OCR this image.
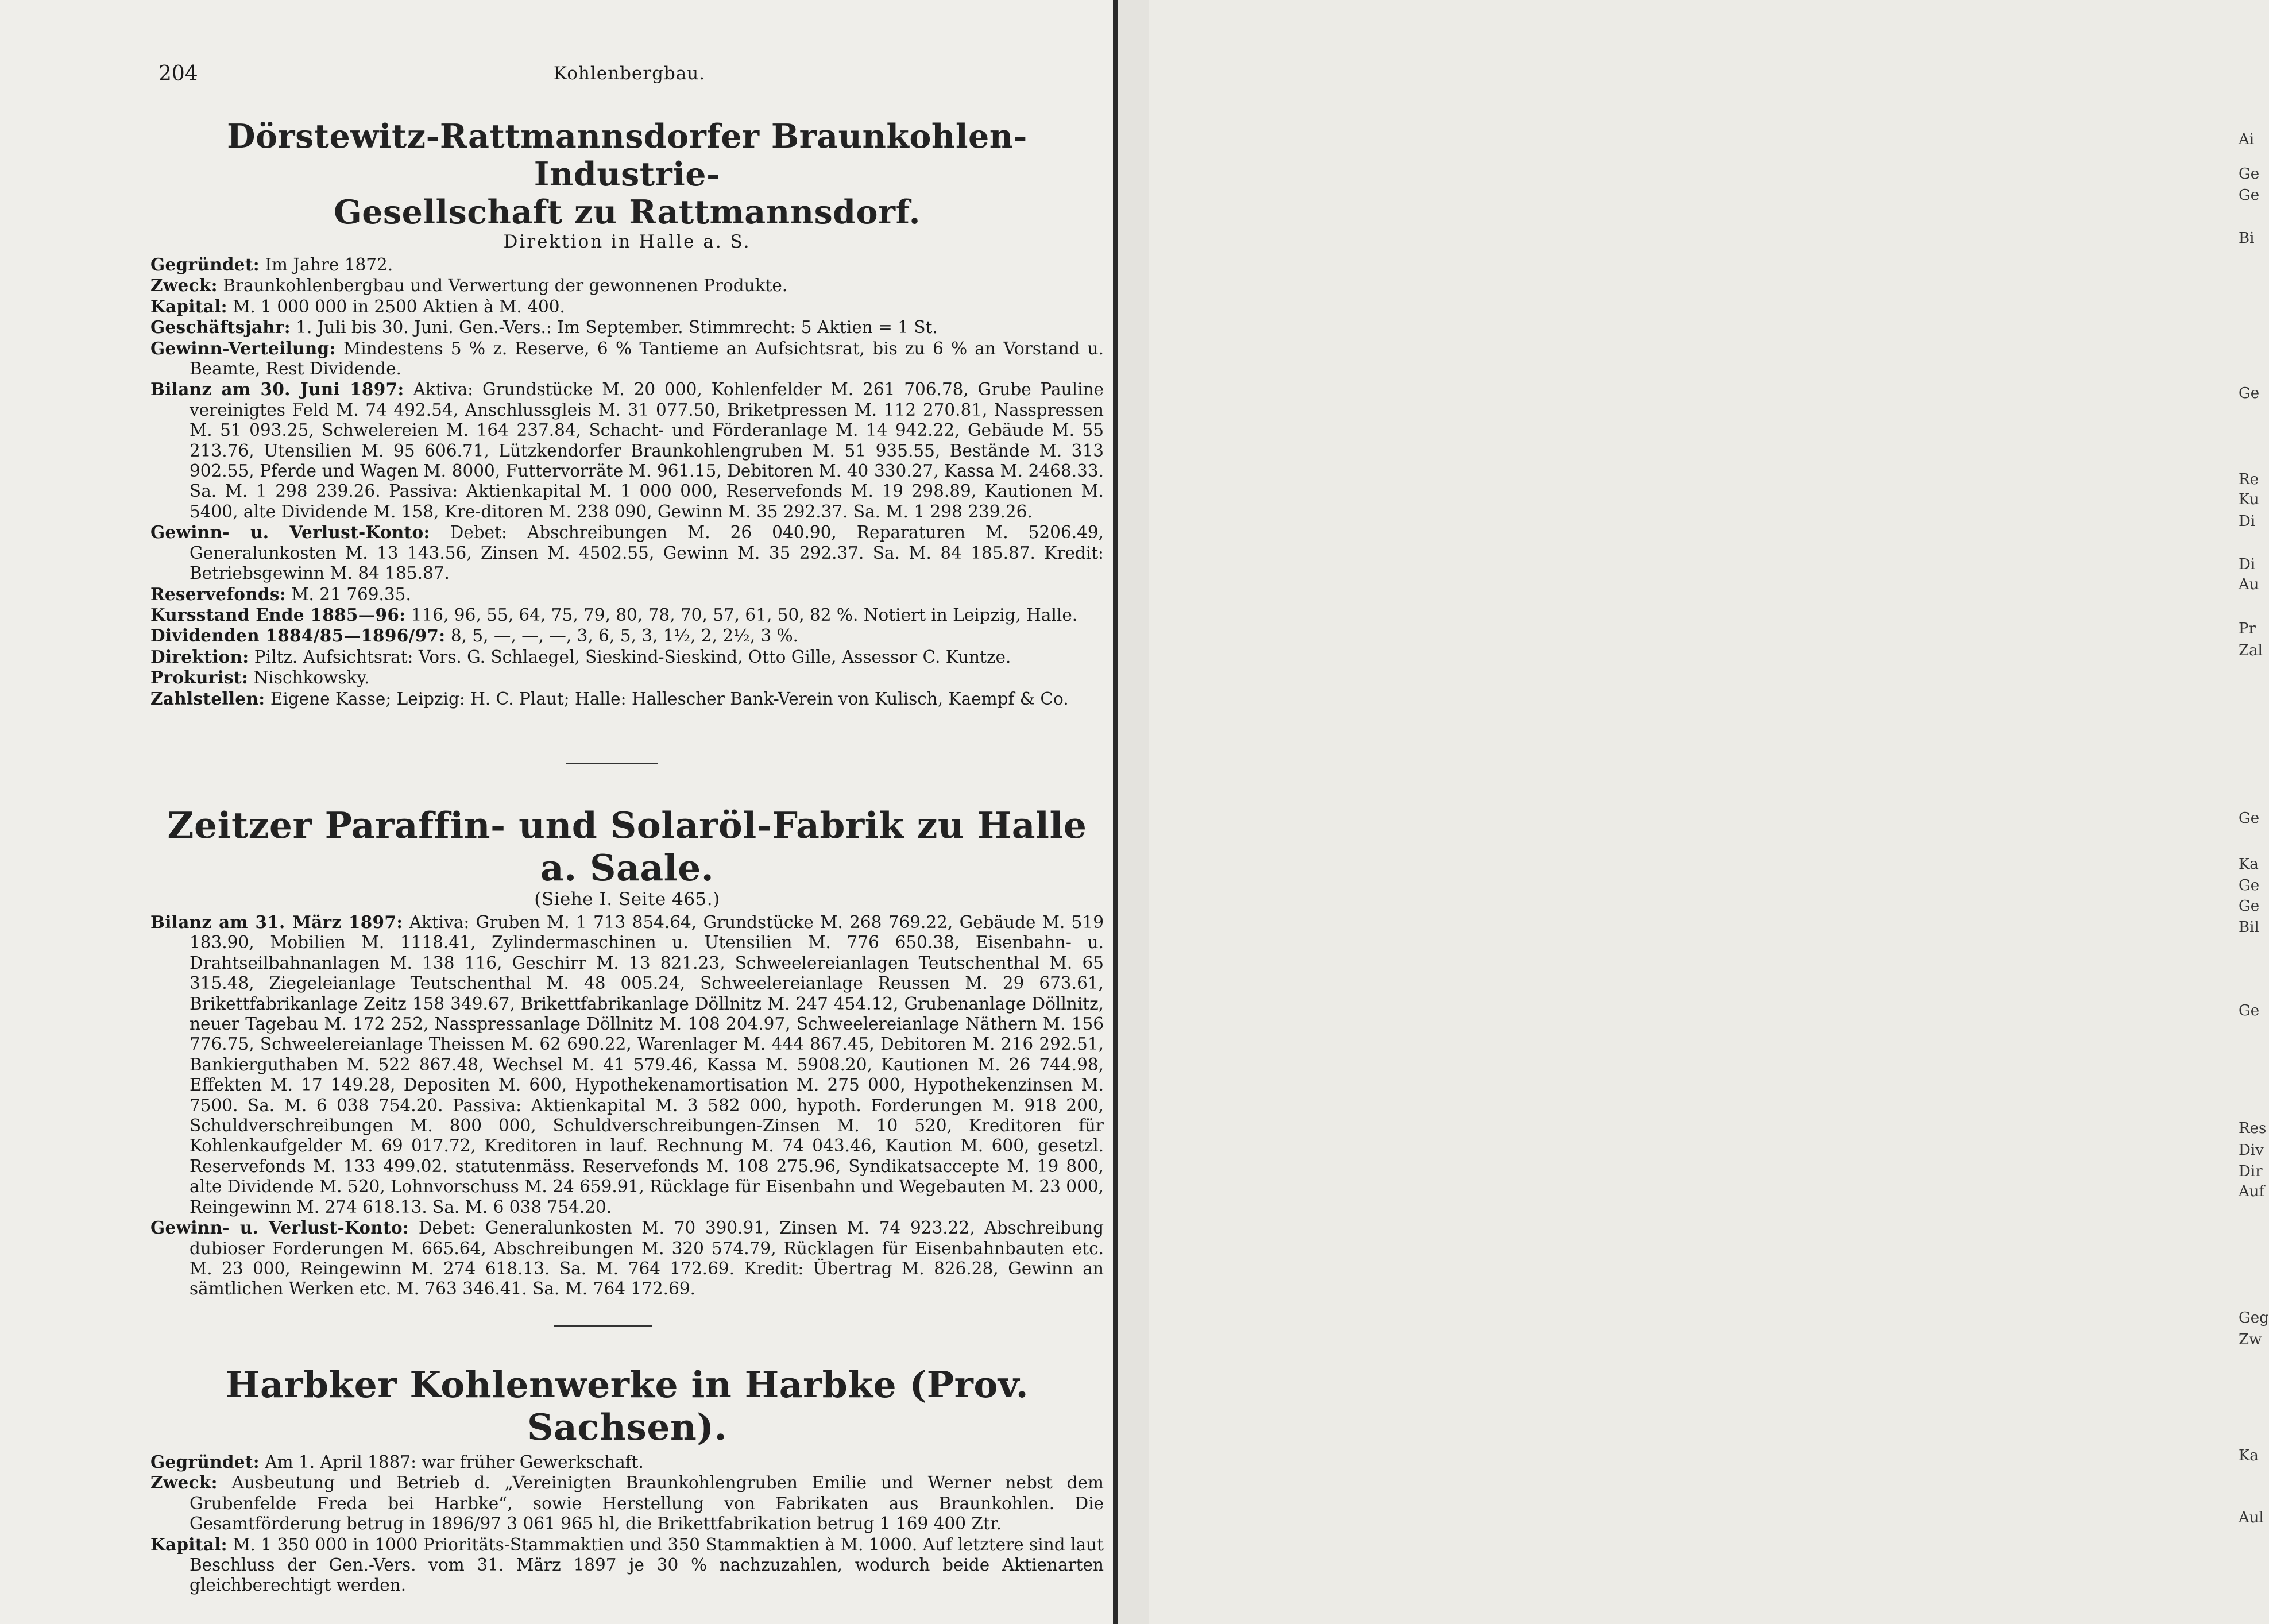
204	Kohlenbergbau.
Dörstewitz-Rattmannsdorfer Braunkohlen-Industrie-
Gesellschaft zu Rattmannsdorf.
Direktion in Halle a. S.
Gegründet: Im Jahre 1872.
Zweck: Braunkohlenbergbau und Verwertung der gewonnenen Produkte.
Kapital: M. 1 000 000 in 2500 Aktien à M. 400.
Geschäftsjahr: 1. Juli bis 30. Juni. Gen.-Vers.: Im September. Stimmrecht: 5 Aktien = 1 St.
Gewinn-Verteilung: Mindestens 5 % z. Reserve, 6 % Tantieme an Aufsichtsrat, bis zu 6 % an Vorstand u. Beamte, Rest Dividende.
Bilanz am 30. Juni 1897: Aktiva: Grundstücke M. 20 000, Kohlenfelder M. 261 706.78, Grube Pauline vereinigtes Feld M. 74 492.54, Anschlussgleis M. 31 077.50, Briketpressen M. 112 270.81, Nasspressen M. 51 093.25, Schwelereien M. 164 237.84, Schacht- und Förderanlage M. 14 942.22, Gebäude M. 55 213.76, Utensilien M. 95 606.71, Lützkendorfer Braunkohlengruben M. 51 935.55, Bestände M. 313 902.55, Pferde und Wagen M. 8000, Futtervorräte M. 961.15, Debitoren M. 40 330.27, Kassa M. 2468.33. Sa. M. 1 298 239.26. Passiva: Aktienkapital M. 1 000 000, Reservefonds M. 19 298.89, Kautionen M. 5400, alte Dividende M. 158, Kre-ditoren M. 238 090, Gewinn M. 35 292.37. Sa. M. 1 298 239.26.
Gewinn- u. Verlust-Konto: Debet: Abschreibungen M. 26 040.90, Reparaturen M. 5206.49, Generalunkosten M. 13 143.56, Zinsen M. 4502.55, Gewinn M. 35 292.37. Sa. M. 84 185.87. Kredit: Betriebsgewinn M. 84 185.87.
Reservefonds: M. 21 769.35.
Kursstand Ende 1885—96: 116, 96, 55, 64, 75, 79, 80, 78, 70, 57, 61, 50, 82 %. Notiert in Leipzig, Halle.
Dividenden 1884/85—1896/97: 8, 5, —, —, —, 3, 6, 5, 3, 1½, 2, 2½, 3 %.
Direktion: Piltz. Aufsichtsrat: Vors. G. Schlaegel, Sieskind-Sieskind, Otto Gille, Assessor C. Kuntze.
Prokurist: Nischkowsky.
Zahlstellen: Eigene Kasse; Leipzig: H. C. Plaut; Halle: Hallescher Bank-Verein von Kulisch, Kaempf & Co.
Zeitzer Paraffin- und Solaröl-Fabrik zu Halle a. Saale.
(Siehe I. Seite 465.)
Bilanz am 31. März 1897: Aktiva: Gruben M. 1 713 854.64, Grundstücke M. 268 769.22, Gebäude M. 519 183.90, Mobilien M. 1118.41, Zylindermaschinen u. Utensilien M. 776 650.38, Eisenbahn- u. Drahtseilbahnanlagen M. 138 116, Geschirr M. 13 821.23, Schweelereianlagen Teutschenthal M. 65 315.48, Ziegeleianlage Teutschenthal M. 48 005.24, Schweelereianlage Reussen M. 29 673.61, Brikettfabrikanlage Zeitz 158 349.67, Brikettfabrikanlage Döllnitz M. 247 454.12, Grubenanlage Döllnitz, neuer Tagebau M. 172 252, Nasspressanlage Döllnitz M. 108 204.97, Schweelereianlage Näthern M. 156 776.75, Schweelereianlage Theissen M. 62 690.22, Warenlager M. 444 867.45, Debitoren M. 216 292.51, Bankierguthaben M. 522 867.48, Wechsel M. 41 579.46, Kassa M. 5908.20, Kautionen M. 26 744.98, Effekten M. 17 149.28, Depositen M. 600, Hypothekenamortisation M. 275 000, Hypothekenzinsen M. 7500. Sa. M. 6 038 754.20. Passiva: Aktienkapital M. 3 582 000, hypoth. Forderungen M. 918 200, Schuldverschreibungen M. 800 000, Schuldverschreibungen-Zinsen M. 10 520, Kreditoren für Kohlenkaufgelder M. 69 017.72, Kreditoren in lauf. Rechnung M. 74 043.46, Kaution M. 600, gesetzl. Reservefonds M. 133 499.02. statutenmäss. Reservefonds M. 108 275.96, Syndikatsaccepte M. 19 800, alte Dividende M. 520, Lohnvorschuss M. 24 659.91, Rücklage für Eisenbahn und Wegebauten M. 23 000, Reingewinn M. 274 618.13. Sa. M. 6 038 754.20.
Gewinn- u. Verlust-Konto: Debet: Generalunkosten M. 70 390.91, Zinsen M. 74 923.22, Abschreibung dubioser Forderungen M. 665.64, Abschreibungen M. 320 574.79, Rücklagen für Eisenbahnbauten etc. M. 23 000, Reingewinn M. 274 618.13. Sa. M. 764 172.69. Kredit: Übertrag M. 826.28, Gewinn an sämtlichen Werken etc. M. 763 346.41. Sa. M. 764 172.69.
Harbker Kohlenwerke in Harbke (Prov. Sachsen).
Gegründet: Am 1. April 1887: war früher Gewerkschaft.
Zweck: Ausbeutung und Betrieb d. „Vereinigten Braunkohlengruben Emilie und Werner nebst dem Grubenfelde Freda bei Harbke“, sowie Herstellung von Fabrikaten aus Braunkohlen. Die Gesamtförderung betrug in 1896/97 3 061 965 hl, die Brikettfabrikation betrug 1 169 400 Ztr.
Kapital: M. 1 350 000 in 1000 Prioritäts-Stammaktien und 350 Stammaktien à M. 1000. Auf letztere sind laut Beschluss der Gen.-Vers. vom 31. März 1897 je 30 % nachzuzahlen, wodurch beide Aktienarten gleichberechtigt werden.
Ai
Ge
Ge
Bi
Ge
Re
Ku
Di
Di
Au
Pr
Zal
Ge
Ka
Ge
Ge
Bil
Ge
Res
Div
Dir
Auf
Geg
Zw
Ka
Aul
